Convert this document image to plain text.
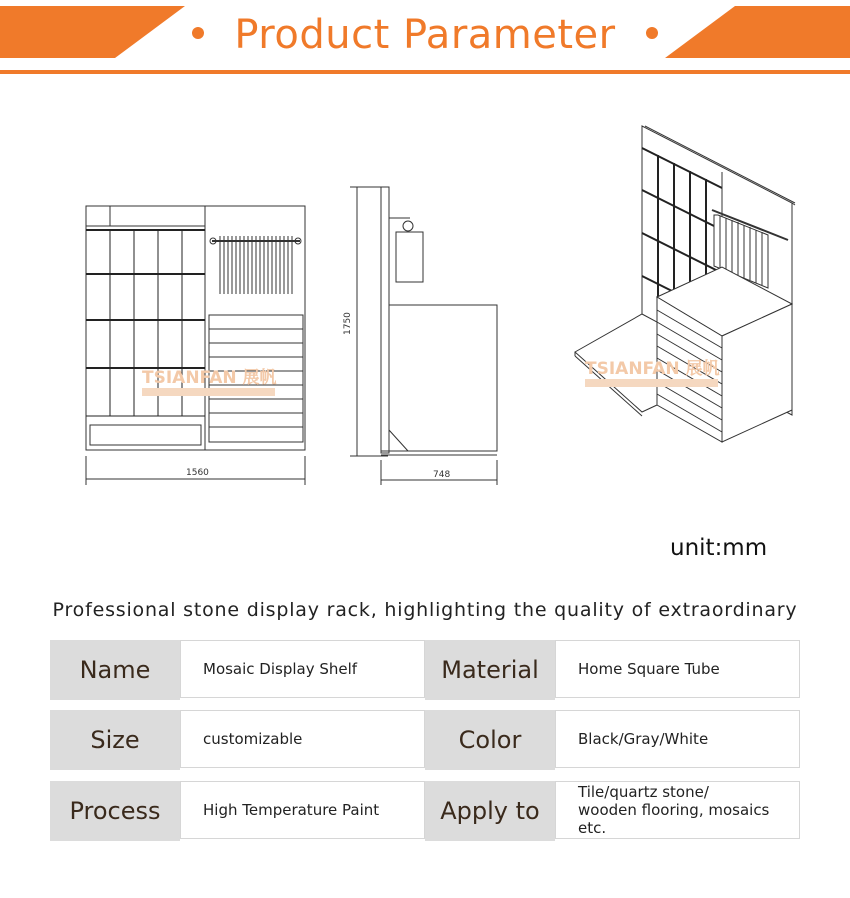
Product Parameter
1560
1750
748
TSIANFAN 展帆	TSIANFAN 展帆
unit:mm
Professional stone display rack, highlighting the quality of extraordinary
Name	Mosaic Display Shelf	Material	Home Square Tube
Size	customizable	Color	Black/Gray/White
Process	High Temperature Paint	Apply to
Tile/quartz stone/
wooden flooring, mosaics etc.
